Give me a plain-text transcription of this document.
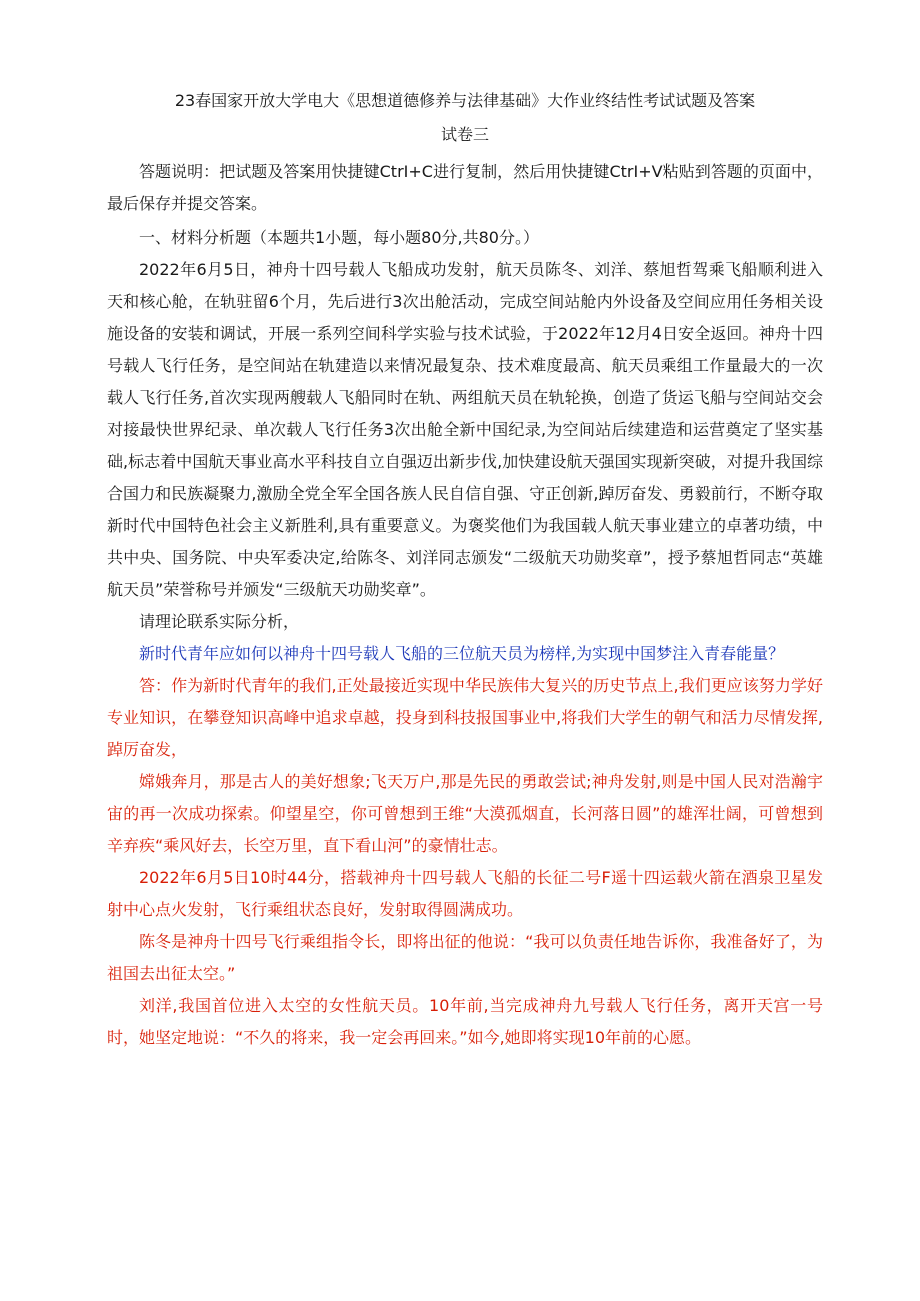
23春国家开放大学电大《思想道德修养与法律基础》大作业终结性考试试题及答案
试卷三

答题说明：把试题及答案用快捷键CtrI+C进行复制，然后用快捷键CtrI+V粘贴到答题的页面中，最后保存并提交答案。

一、材料分析题（本题共1小题，每小题80分,共80分。）

2022年6月5日，神舟十四号载人飞船成功发射，航天员陈冬、刘洋、蔡旭哲驾乘飞船顺利进入天和核心舱，在轨驻留6个月，先后进行3次出舱活动，完成空间站舱内外设备及空间应用任务相关设施设备的安装和调试，开展一系列空间科学实验与技术试验，于2022年12月4日安全返回。神舟十四号载人飞行任务，是空间站在轨建造以来情况最复杂、技术难度最高、航天员乘组工作量最大的一次载人飞行任务,首次实现两艘载人飞船同时在轨、两组航天员在轨轮换，创造了货运飞船与空间站交会对接最快世界纪录、单次载人飞行任务3次出舱全新中国纪录,为空间站后续建造和运营奠定了坚实基础,标志着中国航天事业高水平科技自立自强迈出新步伐,加快建设航天强国实现新突破，对提升我国综合国力和民族凝聚力,激励全党全军全国各族人民自信自强、守正创新,踔厉奋发、勇毅前行，不断夺取新时代中国特色社会主义新胜利,具有重要意义。为褒奖他们为我国载人航天事业建立的卓著功绩，中共中央、国务院、中央军委决定,给陈冬、刘洋同志颁发“二级航天功勋奖章”，授予蔡旭哲同志“英雄航天员”荣誉称号并颁发“三级航天功勋奖章”。

请理论联系实际分析，

新时代青年应如何以神舟十四号载人飞船的三位航天员为榜样,为实现中国梦注入青春能量？

答：作为新时代青年的我们,正处最接近实现中华民族伟大复兴的历史节点上,我们更应该努力学好专业知识，在攀登知识高峰中追求卓越，投身到科技报国事业中,将我们大学生的朝气和活力尽情发挥,踔厉奋发，

嫦娥奔月，那是古人的美好想象;飞天万户,那是先民的勇敢尝试;神舟发射,则是中国人民对浩瀚宇宙的再一次成功探索。仰望星空，你可曾想到王维“大漠孤烟直，长河落日圆”的雄浑壮阔，可曾想到辛弃疾“乘风好去，长空万里，直下看山河”的豪情壮志。

2022年6月5日10时44分，搭载神舟十四号载人飞船的长征二号F遥十四运载火箭在酒泉卫星发射中心点火发射，飞行乘组状态良好，发射取得圆满成功。

陈冬是神舟十四号飞行乘组指令长，即将出征的他说：“我可以负责任地告诉你，我准备好了，为祖国去出征太空。”

刘洋,我国首位进入太空的女性航天员。10年前,当完成神舟九号载人飞行任务，离开天宫一号时，她坚定地说：“不久的将来，我一定会再回来。”如今,她即将实现10年前的心愿。
